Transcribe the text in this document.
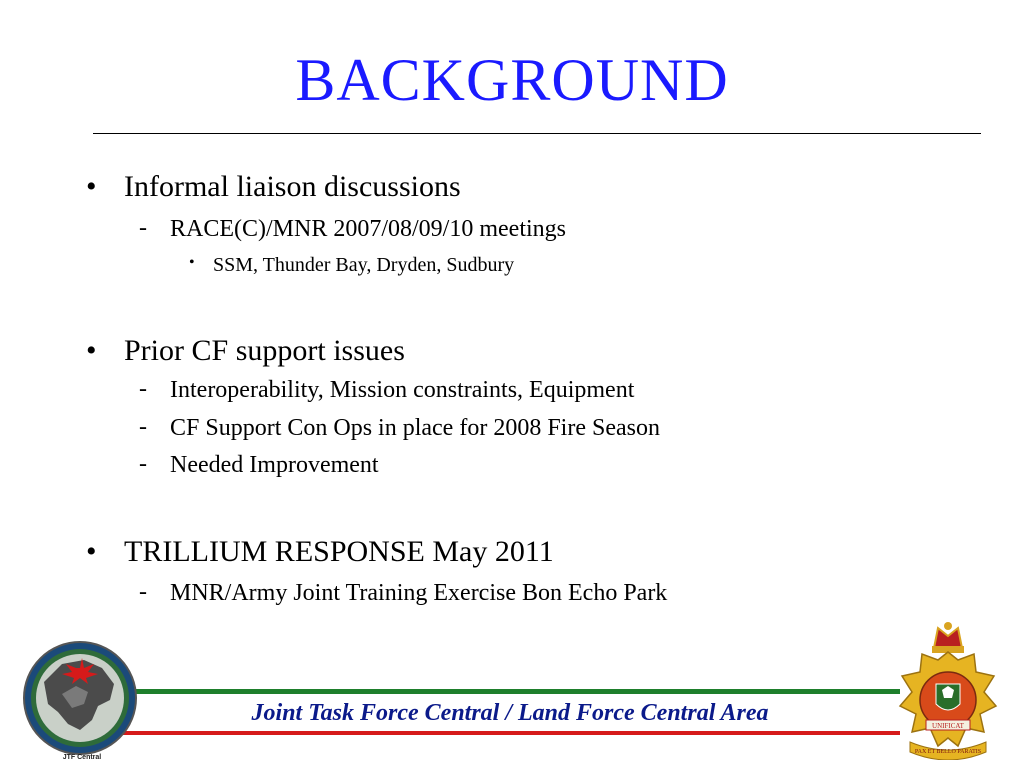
BACKGROUND
• Informal liaison discussions
- RACE(C)/MNR 2007/08/09/10 meetings
• SSM, Thunder Bay, Dryden, Sudbury
• Prior CF support issues
- Interoperability, Mission constraints, Equipment
- CF Support Con Ops in place for 2008 Fire Season
- Needed Improvement
• TRILLIUM RESPONSE May 2011
- MNR/Army Joint Training Exercise Bon Echo Park
Joint Task Force Central / Land Force Central Area
JTF Central
UNIFICAT
PAX ET BELLO PARATIS
